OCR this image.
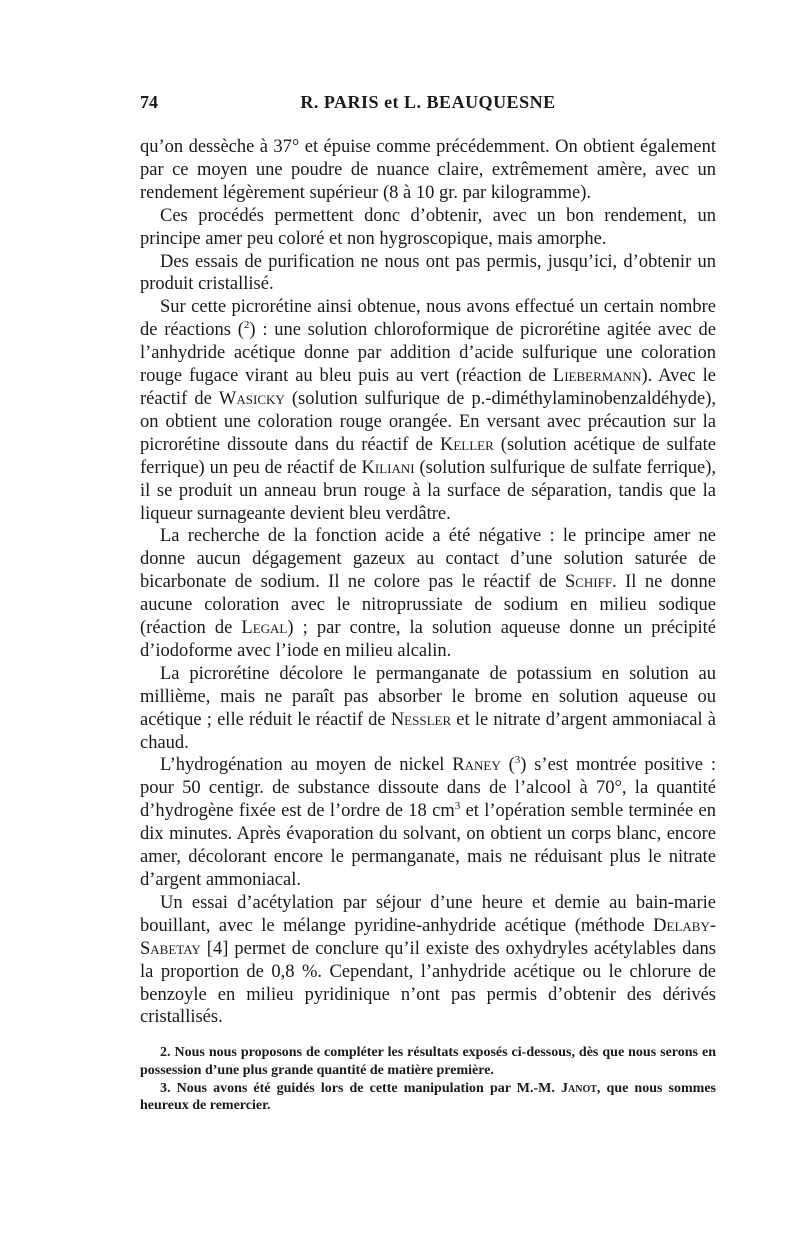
74	R. PARIS et L. BEAUQUESNE

qu’on dessèche à 37° et épuise comme précédemment. On obtient également par ce moyen une poudre de nuance claire, extrêmement amère, avec un rendement légèrement supérieur (8 à 10 gr. par kilogramme).

Ces procédés permettent donc d’obtenir, avec un bon rendement, un principe amer peu coloré et non hygroscopique, mais amorphe.

Des essais de purification ne nous ont pas permis, jusqu’ici, d’obtenir un produit cristallisé.

Sur cette picrorétine ainsi obtenue, nous avons effectué un certain nombre de réactions ($^2$) : une solution chloroformique de picrorétine agitée avec de l’anhydride acétique donne par addition d’acide sulfurique une coloration rouge fugace virant au bleu puis au vert (réaction de Liebermann). Avec le réactif de Wasicky (solution sulfurique de p.-diméthylaminobenzaldéhyde), on obtient une coloration rouge orangée. En versant avec précaution sur la picrorétine dissoute dans du réactif de Keller (solution acétique de sulfate ferrique) un peu de réactif de Kiliani (solution sulfurique de sulfate ferrique), il se produit un anneau brun rouge à la surface de séparation, tandis que la liqueur surnageante devient bleu verdâtre.

La recherche de la fonction acide a été négative : le principe amer ne donne aucun dégagement gazeux au contact d’une solution saturée de bicarbonate de sodium. Il ne colore pas le réactif de Schiff. Il ne donne aucune coloration avec le nitroprussiate de sodium en milieu sodique (réaction de Legal) ; par contre, la solution aqueuse donne un précipité d’iodoforme avec l’iode en milieu alcalin.

La picrorétine décolore le permanganate de potassium en solution au millième, mais ne paraît pas absorber le brome en solution aqueuse ou acétique ; elle réduit le réactif de Nessler et le nitrate d’argent ammoniacal à chaud.

L’hydrogénation au moyen de nickel Raney ($^3$) s’est montrée positive : pour 50 centigr. de substance dissoute dans de l’alcool à 70°, la quantité d’hydrogène fixée est de l’ordre de 18 $cm^3$ et l’opération semble terminée en dix minutes. Après évaporation du solvant, on obtient un corps blanc, encore amer, décolorant encore le permanganate, mais ne réduisant plus le nitrate d’argent ammoniacal.

Un essai d’acétylation par séjour d’une heure et demie au bain-marie bouillant, avec le mélange pyridine-anhydride acétique (méthode Delaby-Sabetay [4] permet de conclure qu’il existe des oxhydryles acétylables dans la proportion de 0,8 %. Cependant, l’anhydride acétique ou le chlorure de benzoyle en milieu pyridinique n’ont pas permis d’obtenir des dérivés cristallisés.

2. Nous nous proposons de compléter les résultats exposés ci-dessous, dès que nous serons en possession d’une plus grande quantité de matière première.

3. Nous avons été guidés lors de cette manipulation par M.-M. Janot, que nous sommes heureux de remercier.
